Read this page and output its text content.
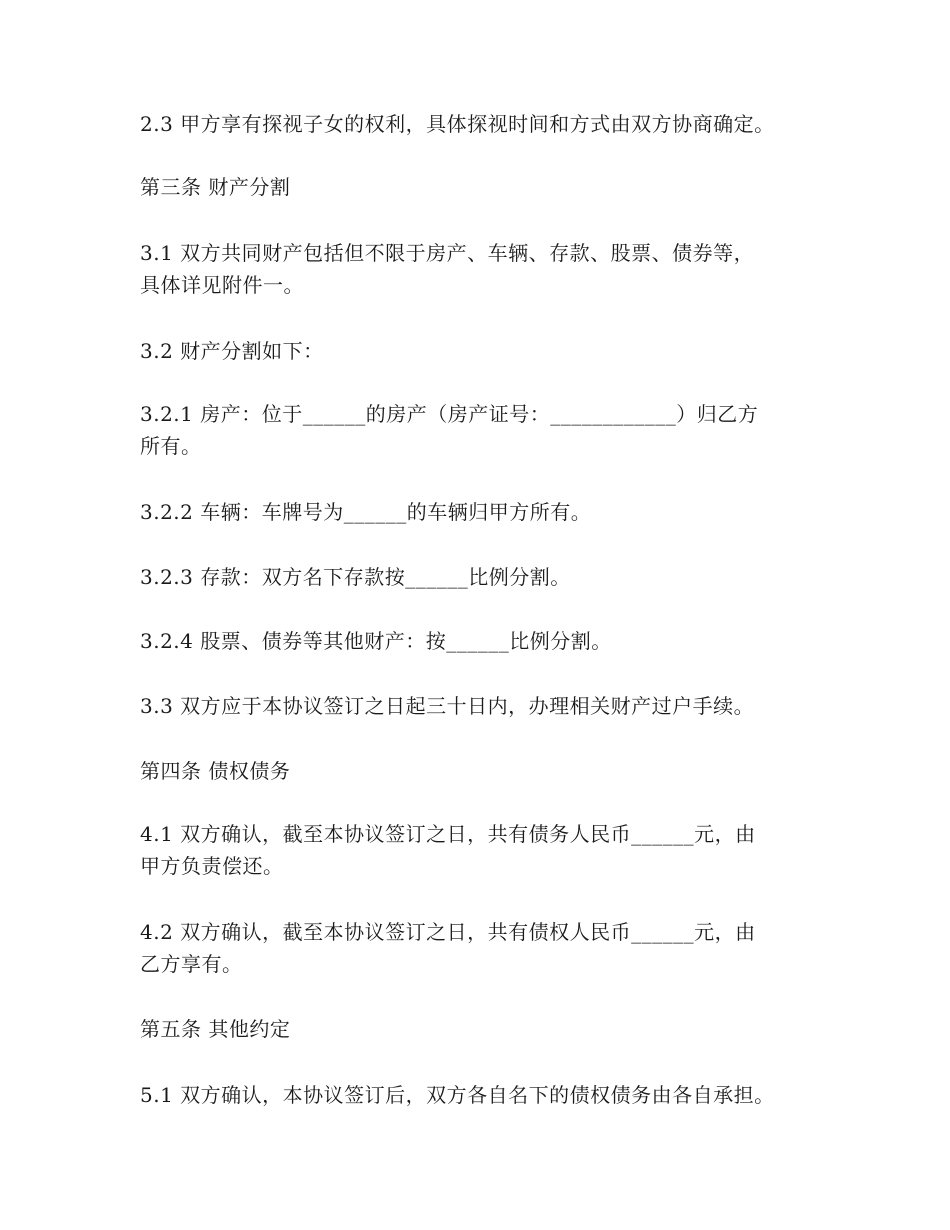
2.3 甲方享有探视子女的权利，具体探视时间和方式由双方协商确定。
第三条 财产分割
3.1 双方共同财产包括但不限于房产、车辆、存款、股票、债券等，
具体详见附件一。
3.2 财产分割如下：
3.2.1 房产：位于______的房产（房产证号：____________）归乙方
所有。
3.2.2 车辆：车牌号为______的车辆归甲方所有。
3.2.3 存款：双方名下存款按______比例分割。
3.2.4 股票、债券等其他财产：按______比例分割。
3.3 双方应于本协议签订之日起三十日内，办理相关财产过户手续。
第四条 债权债务
4.1 双方确认，截至本协议签订之日，共有债务人民币______元，由
甲方负责偿还。
4.2 双方确认，截至本协议签订之日，共有债权人民币______元，由
乙方享有。
第五条 其他约定
5.1 双方确认，本协议签订后，双方各自名下的债权债务由各自承担。
